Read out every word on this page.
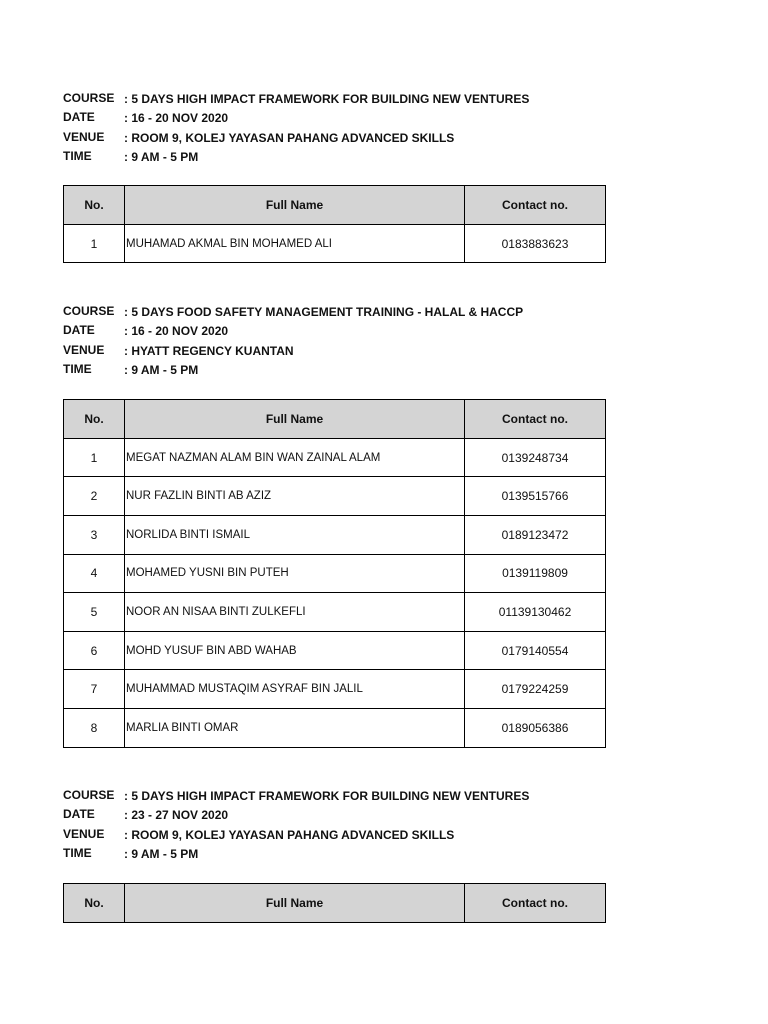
COURSE : 5 DAYS HIGH IMPACT FRAMEWORK FOR BUILDING NEW VENTURES
DATE	: 16 - 20 NOV 2020
VENUE	: ROOM 9, KOLEJ YAYASAN PAHANG ADVANCED SKILLS
TIME	: 9 AM - 5 PM
No.	Full Name	Contact no.
1	MUHAMAD AKMAL BIN MOHAMED ALI	0183883623
COURSE : 5 DAYS FOOD SAFETY MANAGEMENT TRAINING - HALAL & HACCP
DATE	: 16 - 20 NOV 2020
VENUE	: HYATT REGENCY KUANTAN
TIME	: 9 AM - 5 PM
No.	Full Name	Contact no.
1	MEGAT NAZMAN ALAM BIN WAN ZAINAL ALAM	0139248734
2	NUR FAZLIN BINTI AB AZIZ	0139515766
3	NORLIDA BINTI ISMAIL	0189123472
4	MOHAMED YUSNI BIN PUTEH	0139119809
5	NOOR AN NISAA BINTI ZULKEFLI	01139130462
6	MOHD YUSUF BIN ABD WAHAB	0179140554
7	MUHAMMAD MUSTAQIM ASYRAF BIN JALIL	0179224259
8	MARLIA BINTI OMAR	0189056386
COURSE : 5 DAYS HIGH IMPACT FRAMEWORK FOR BUILDING NEW VENTURES
DATE	: 23 - 27 NOV 2020
VENUE	: ROOM 9, KOLEJ YAYASAN PAHANG ADVANCED SKILLS
TIME	: 9 AM - 5 PM
No.	Full Name	Contact no.
